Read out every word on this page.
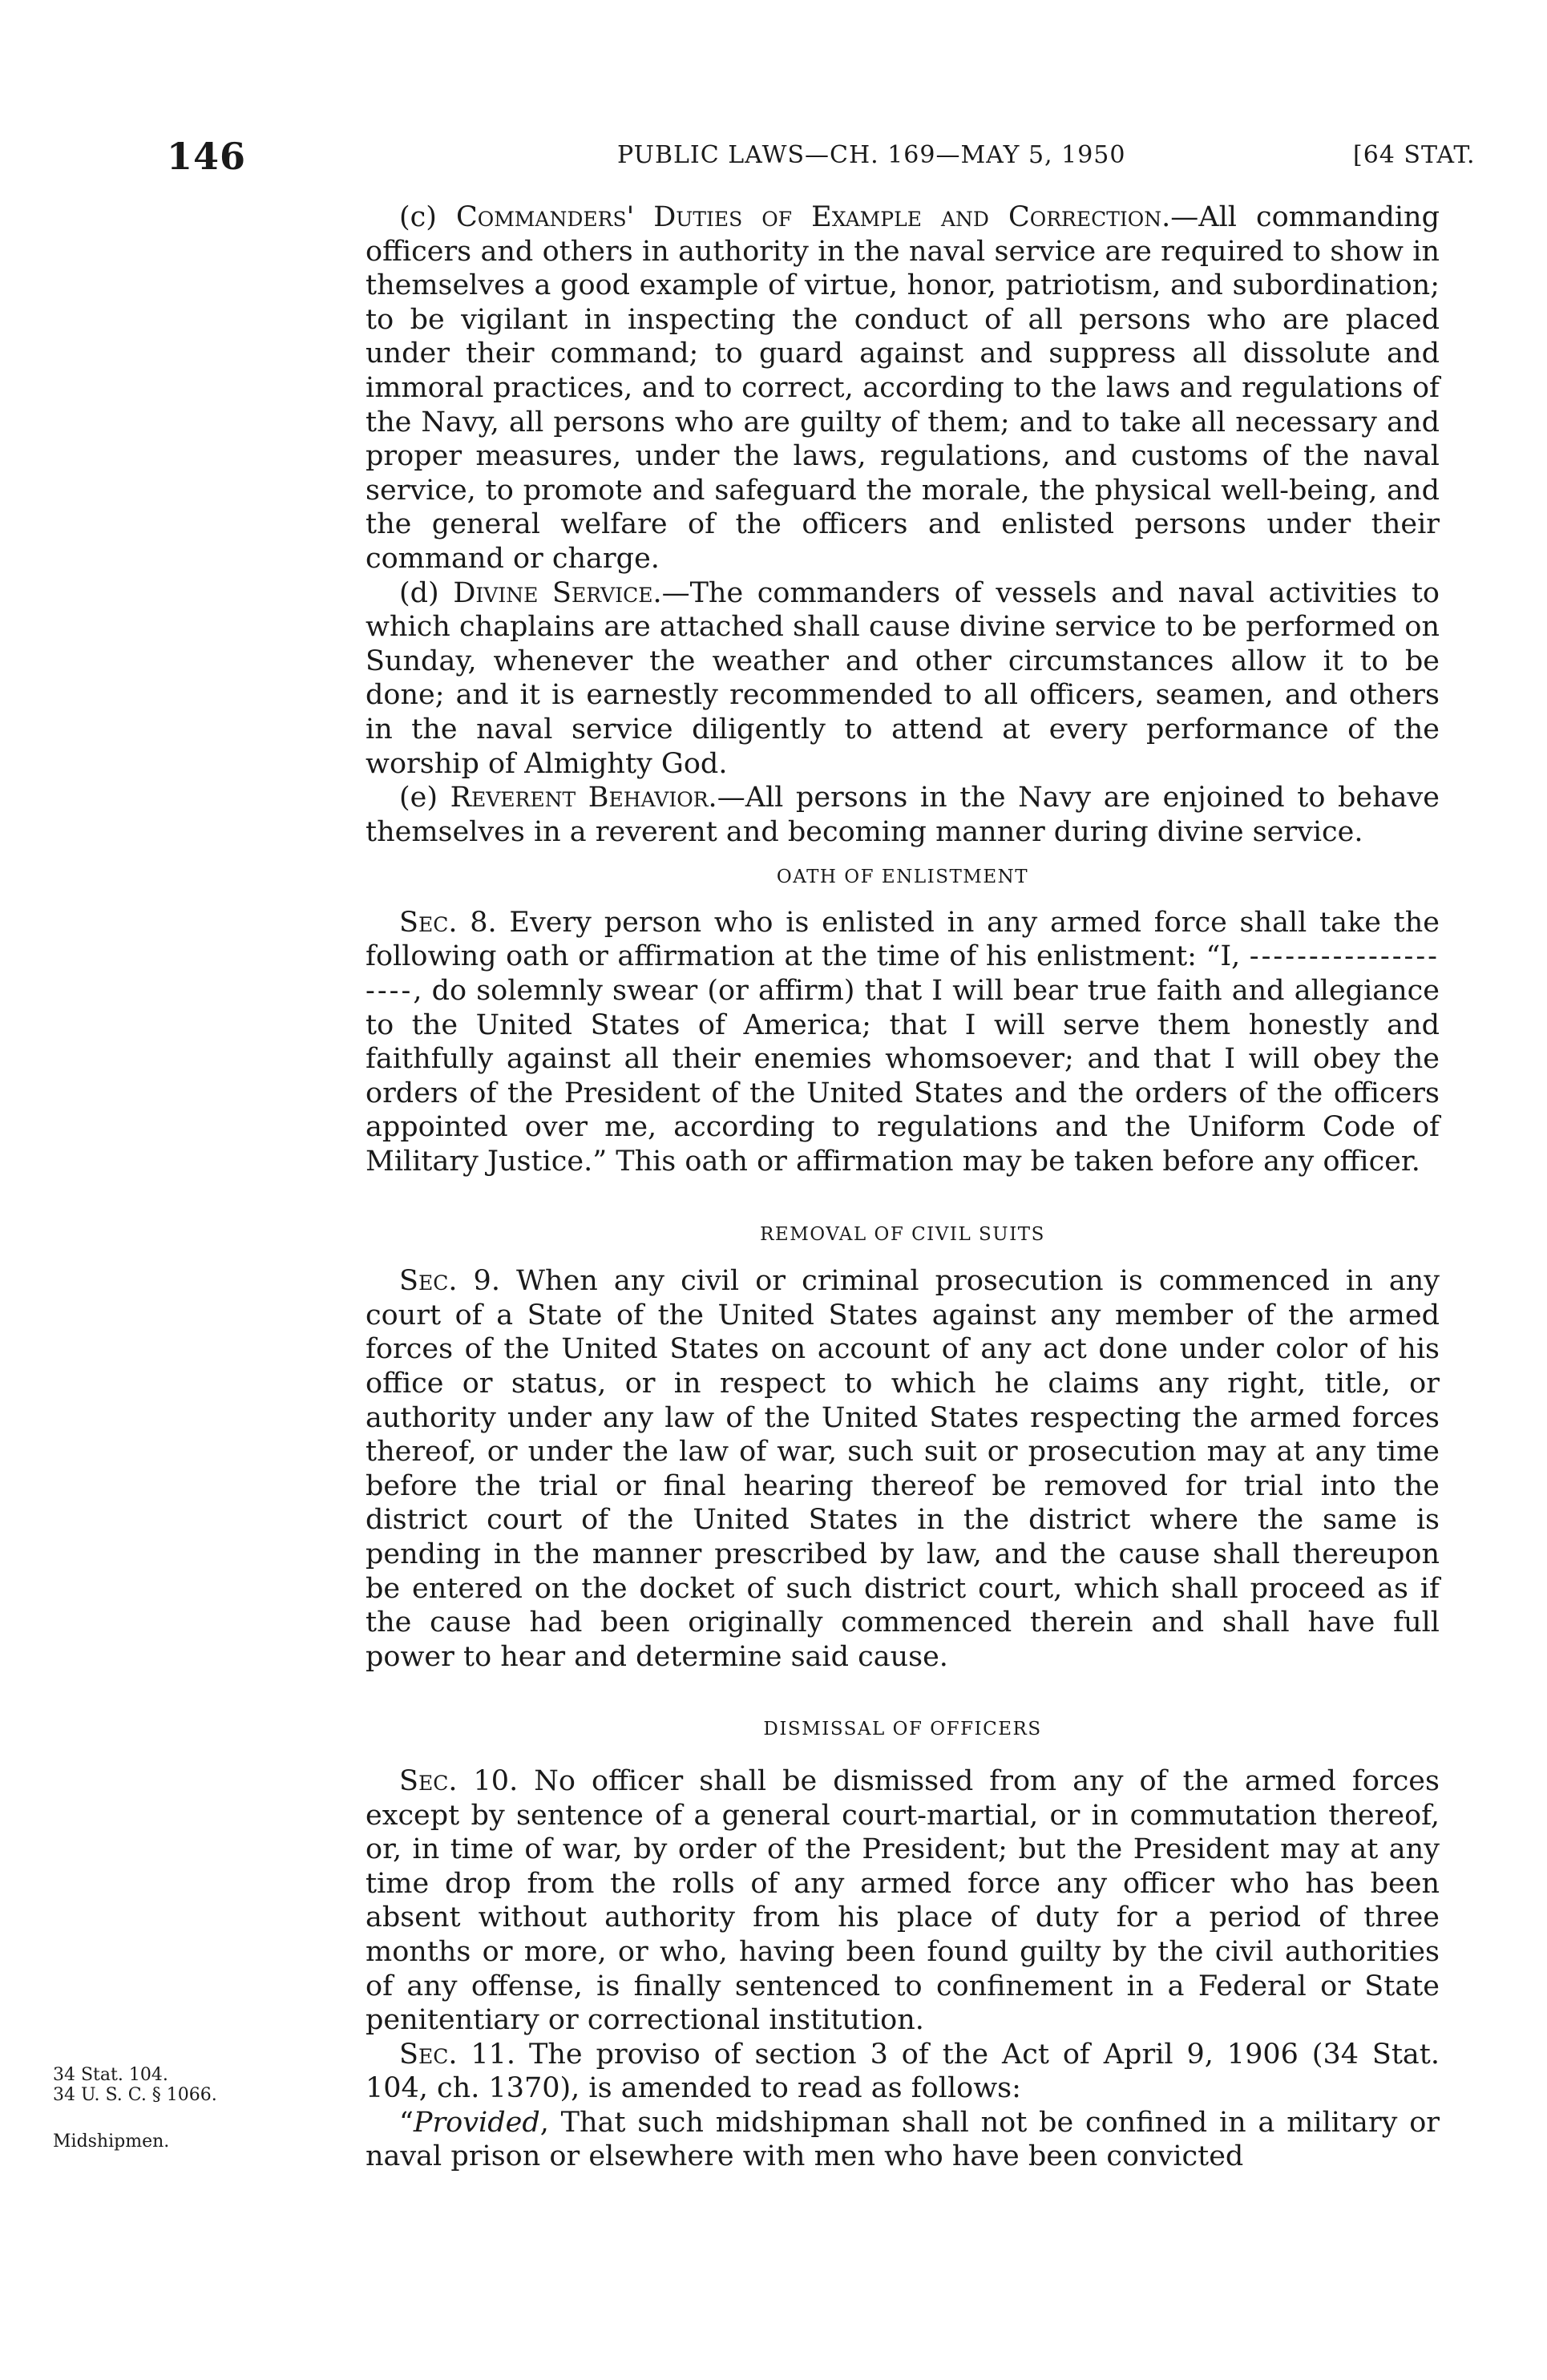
146	PUBLIC LAWS—CH. 169—MAY 5, 1950	[64 STAT.

(c) Commanders' Duties of Example and Correction.—All commanding officers and others in authority in the naval service are required to show in themselves a good example of virtue, honor, patriotism, and subordination; to be vigilant in inspecting the conduct of all persons who are placed under their command; to guard against and suppress all dissolute and immoral practices, and to correct, according to the laws and regulations of the Navy, all persons who are guilty of them; and to take all necessary and proper measures, under the laws, regulations, and customs of the naval service, to promote and safeguard the morale, the physical well-being, and the general welfare of the officers and enlisted persons under their command or charge.

(d) Divine Service.—The commanders of vessels and naval activities to which chaplains are attached shall cause divine service to be performed on Sunday, whenever the weather and other circumstances allow it to be done; and it is earnestly recommended to all officers, seamen, and others in the naval service diligently to attend at every performance of the worship of Almighty God.

(e) Reverent Behavior.—All persons in the Navy are enjoined to behave themselves in a reverent and becoming manner during divine service.

OATH OF ENLISTMENT

Sec. 8. Every person who is enlisted in any armed force shall take the following oath or affirmation at the time of his enlistment: “I, --------------------, do solemnly swear (or affirm) that I will bear true faith and allegiance to the United States of America; that I will serve them honestly and faithfully against all their enemies whomsoever; and that I will obey the orders of the President of the United States and the orders of the officers appointed over me, according to regulations and the Uniform Code of Military Justice.” This oath or affirmation may be taken before any officer.

REMOVAL OF CIVIL SUITS

Sec. 9. When any civil or criminal prosecution is commenced in any court of a State of the United States against any member of the armed forces of the United States on account of any act done under color of his office or status, or in respect to which he claims any right, title, or authority under any law of the United States respecting the armed forces thereof, or under the law of war, such suit or prosecution may at any time before the trial or final hearing thereof be removed for trial into the district court of the United States in the district where the same is pending in the manner prescribed by law, and the cause shall thereupon be entered on the docket of such district court, which shall proceed as if the cause had been originally commenced therein and shall have full power to hear and determine said cause.

DISMISSAL OF OFFICERS

Sec. 10. No officer shall be dismissed from any of the armed forces except by sentence of a general court-martial, or in commutation thereof, or, in time of war, by order of the President; but the President may at any time drop from the rolls of any armed force any officer who has been absent without authority from his place of duty for a period of three months or more, or who, having been found guilty by the civil authorities of any offense, is finally sentenced to confinement in a Federal or State penitentiary or correctional institution.

Sec. 11. The proviso of section 3 of the Act of April 9, 1906 (34 Stat. 104, ch. 1370), is amended to read as follows:

“Provided, That such midshipman shall not be confined in a military or naval prison or elsewhere with men who have been convicted

34 Stat. 104.
34 U. S. C. § 1066.
Midshipmen.
